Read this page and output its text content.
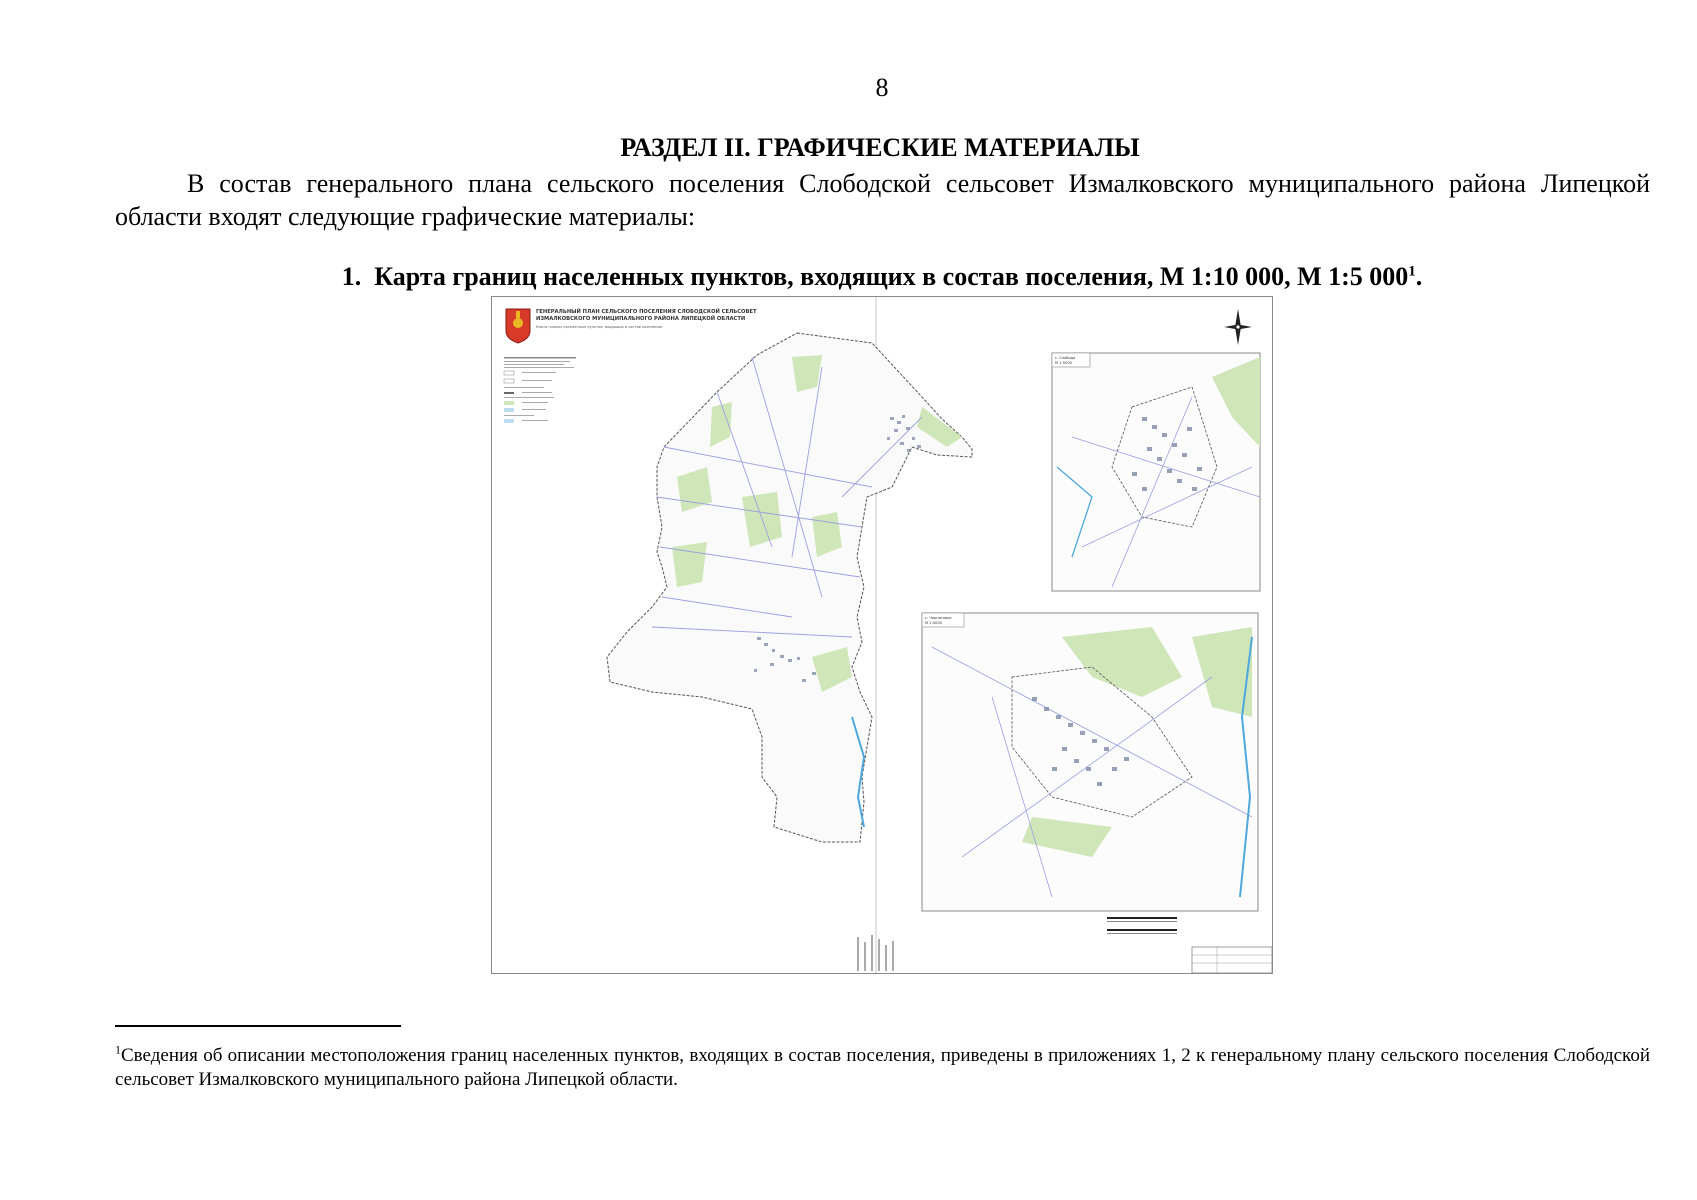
8
РАЗДЕЛ II. ГРАФИЧЕСКИЕ МАТЕРИАЛЫ

В состав генерального плана сельского поселения Слободской сельсовет Измалковского муниципального района Липецкой области входят следующие графические материалы:

1. Карта границ населенных пунктов, входящих в состав поселения, М 1:10 000, М 1:5 $000^1$.
ГЕНЕРАЛЬНЫЙ ПЛАН СЕЛЬСКОГО ПОСЕЛЕНИЯ СЛОБОДСКОЙ СЕЛЬСОВЕТ
ИЗМАЛКОВСКОГО МУНИЦИПАЛЬНОГО РАЙОНА ЛИПЕЦКОЙ ОБЛАСТИ
Карта границ населенных пунктов, входящих в состав поселения
с. Слобода
М 1:5000
с. Черниговка
М 1:5000

$^1$Сведения об описании местоположения границ населенных пунктов, входящих в состав поселения, приведены в приложениях 1, 2 к генеральному плану сельского поселения Слободской сельсовет Измалковского муниципального района Липецкой области.
